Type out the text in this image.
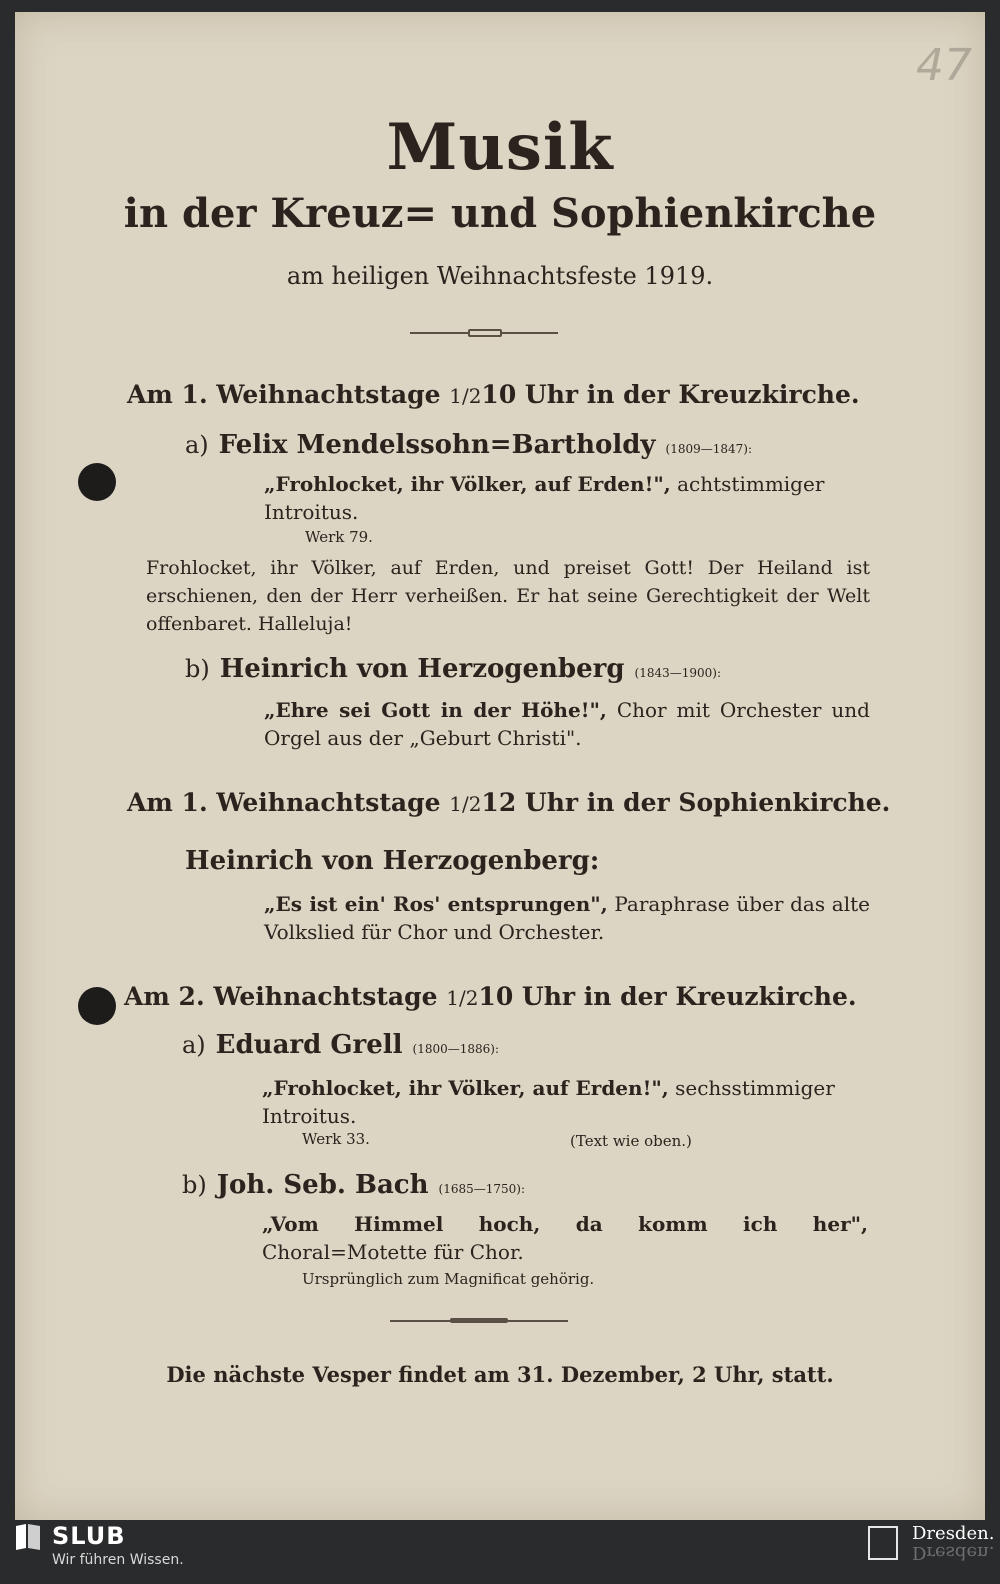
47
Musik
in der Kreuz= und Sophienkirche
am heiligen Weihnachtsfeste 1919.
Am 1. Weihnachtstage 1/210 Uhr in der Kreuzkirche.
a) Felix Mendelssohn=Bartholdy (1809—1847):
„Frohlocket, ihr Völker, auf Erden!", achtstimmiger
Introitus.
Werk 79.
Frohlocket, ihr Völker, auf Erden, und preiset Gott! Der Heiland ist erschienen, den der Herr verheißen. Er hat seine Gerechtigkeit der Welt offenbaret. Halleluja!
b) Heinrich von Herzogenberg (1843—1900):
„Ehre sei Gott in der Höhe!", Chor mit Orchester und Orgel aus der „Geburt Christi".
Am 1. Weihnachtstage 1/212 Uhr in der Sophienkirche.
Heinrich von Herzogenberg:
„Es ist ein' Ros' entsprungen", Paraphrase über das alte Volkslied für Chor und Orchester.
Am 2. Weihnachtstage 1/210 Uhr in der Kreuzkirche.
a) Eduard Grell (1800—1886):
„Frohlocket, ihr Völker, auf Erden!", sechsstimmiger
Introitus.
Werk 33.	(Text wie oben.)
b) Joh. Seb. Bach (1685—1750):
„Vom Himmel hoch, da komm ich her", Choral=Motette für Chor.
Ursprünglich zum Magnificat gehörig.
Die nächste Vesper findet am 31. Dezember, 2 Uhr, statt.
SLUB
Wir führen Wissen.
Dresden.
Dresden.
